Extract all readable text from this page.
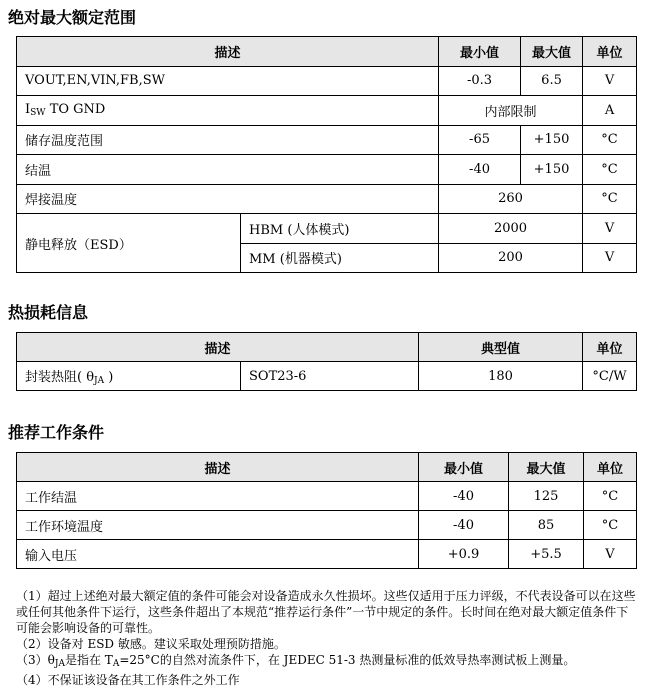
绝对最大额定范围
描述		最小值	最大值	单位
VOUT,EN,VIN,FB,SW		-0.3	6.5	V
$I_{SW}$ TO GND		内部限制		A
储存温度范围		-65	+150	°C
结温		-40	+150	°C
焊接温度		260		°C
静电释放（ESD）	HBM (人体模式)	2000		V
	MM (机器模式)	200		V
热损耗信息
描述		典型值	单位
封装热阻( $\theta_{JA}$ )	SOT23-6	180	°C/W
推荐工作条件
描述	最小值	最大值	单位
工作结温	-40	125	°C
工作环境温度	-40	85	°C
输入电压	+0.9	+5.5	V

（1）超过上述绝对最大额定值的条件可能会对设备造成永久性损坏。这些仅适用于压力评级，不代表设备可以在这些或任何其他条件下运行，这些条件超出了本规范“推荐运行条件”一节中规定的条件。长时间在绝对最大额定值条件下可能会影响设备的可靠性。

（2）设备对 ESD 敏感。建议采取处理预防措施。

$(3)\theta_{JA}$是指在 $T_A=25^\circ C$的自然对流条件下，在 JEDEC 51-3 热测量标准的低效导热率测试板上测量。

（4）不保证该设备在其工作条件之外工作
